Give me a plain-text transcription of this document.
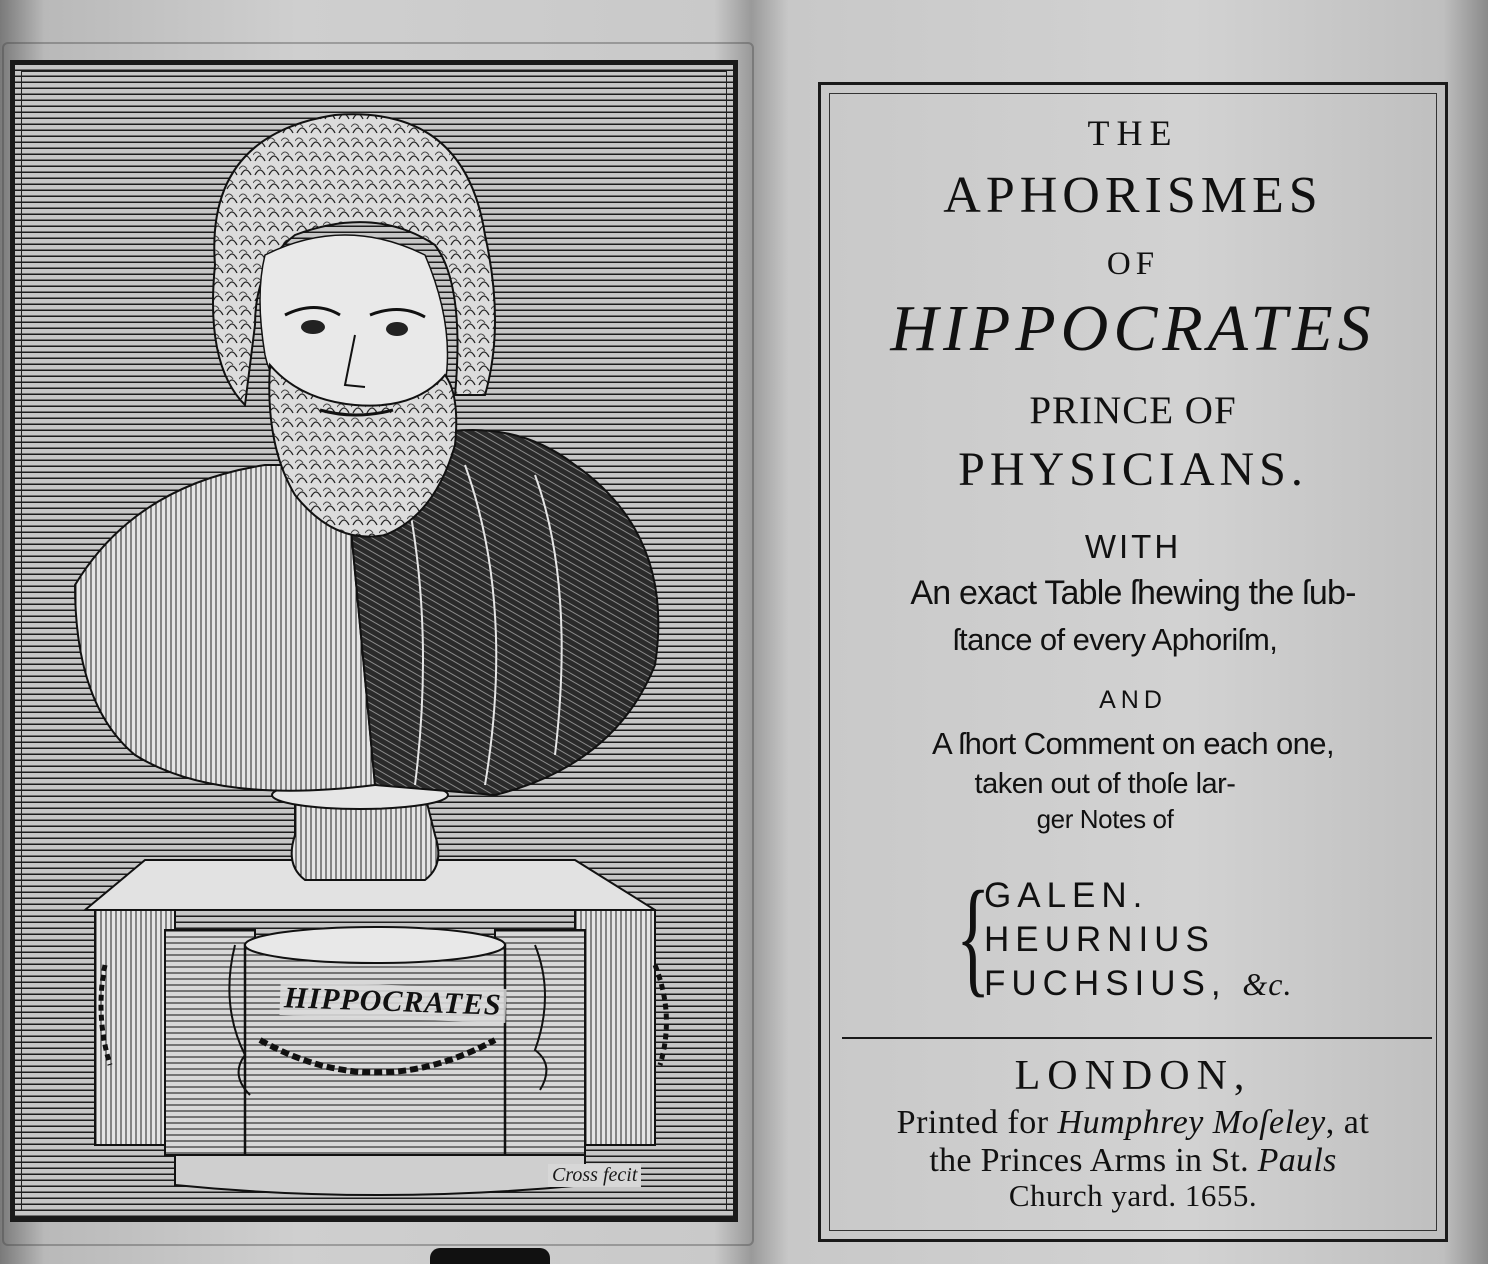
HIPPOCRATES
Cross fecit
THE
APHORISMES
OF
HIPPOCRATES
PRINCE OF
PHYSICIANS.
WITH
An exact Table ſhewing the ſub-
ſtance of every Aphoriſm,
AND
A ſhort Comment on each one,
taken out of thoſe lar-
ger Notes of
{
GALEN.
HEURNIUS
FUCHSIUS, &c.
LONDON,
Printed for Humphrey Moſeley, at
the Princes Arms in St. Pauls
Church yard. 1655.
